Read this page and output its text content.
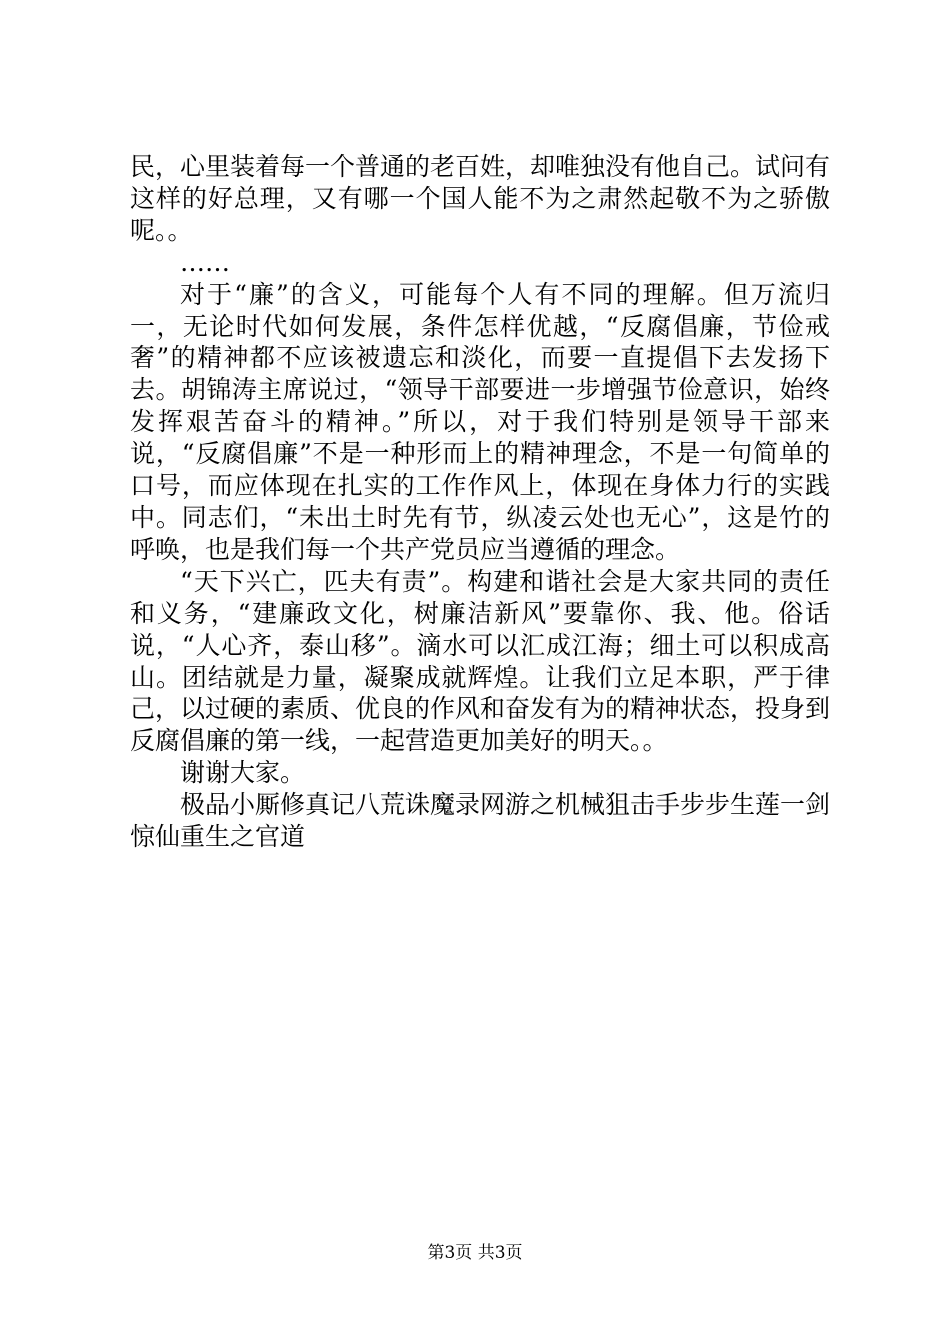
民，心里装着每一个普通的老百姓，却唯独没有他自己。试问有这样的好总理，又有哪一个国人能不为之肃然起敬不为之骄傲呢。。

……

对于“廉”的含义，可能每个人有不同的理解。但万流归一，无论时代如何发展，条件怎样优越，“反腐倡廉，节俭戒奢”的精神都不应该被遗忘和淡化，而要一直提倡下去发扬下去。胡锦涛主席说过，“领导干部要进一步增强节俭意识，始终发挥艰苦奋斗的精神。”所以，对于我们特别是领导干部来说，“反腐倡廉”不是一种形而上的精神理念，不是一句简单的口号，而应体现在扎实的工作作风上，体现在身体力行的实践中。同志们，“未出土时先有节，纵凌云处也无心”，这是竹的呼唤，也是我们每一个共产党员应当遵循的理念。

“天下兴亡，匹夫有责”。构建和谐社会是大家共同的责任和义务，“建廉政文化，树廉洁新风”要靠你、我、他。俗话说，“人心齐，泰山移”。滴水可以汇成江海；细土可以积成高山。团结就是力量，凝聚成就辉煌。让我们立足本职，严于律己，以过硬的素质、优良的作风和奋发有为的精神状态，投身到反腐倡廉的第一线，一起营造更加美好的明天。。

谢谢大家。

极品小厮修真记八荒诛魔录网游之机械狙击手步步生莲一剑惊仙重生之官道

第3页 共3页
